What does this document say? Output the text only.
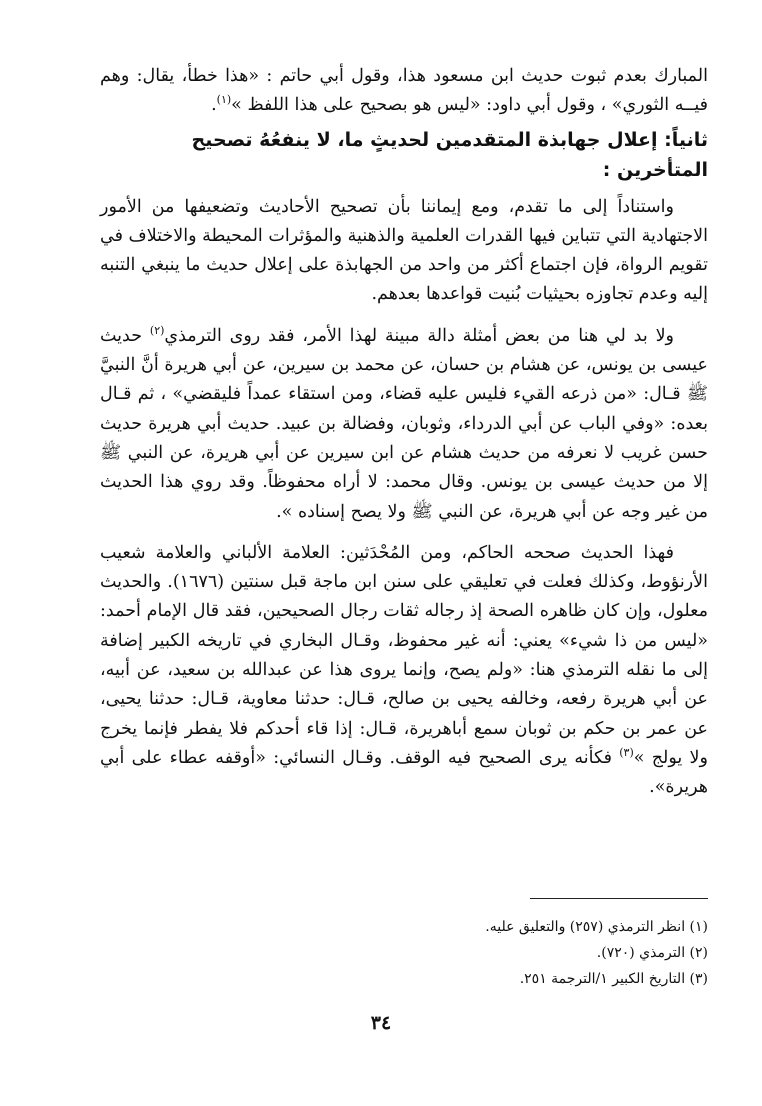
المبارك بعدم ثبوت حديث ابن مسعود هذا، وقول أبي حاتم : «هذا خطأ، يقال: وهم فيــه الثوري» ، وقول أبي داود: «ليس هو بصحيح على هذا اللفظ »$^{(١)}$.

ثانياً: إعلال جهابذة المتقدمين لحديثٍ ما، لا ينفعُهُ تصحيح المتأخرين :

واستناداً إلى ما تقدم، ومع إيماننا بأن تصحيح الأحاديث وتضعيفها من الأمور الاجتهادية التي تتباين فيها القدرات العلمية والذهنية والمؤثرات المحيطة والاختلاف في تقويم الرواة، فإن اجتماع أكثر من واحد من الجهابذة على إعلال حديث ما ينبغي التنبه إليه وعدم تجاوزه بحيثيات بُنيت قواعدها بعدهم.

ولا بد لي هنا من بعض أمثلة دالة مبينة لهذا الأمر، فقد روى الترمذي$^{(٢)}$ حديث عيسى بن يونس، عن هشام بن حسان، عن محمد بن سيرين، عن أبي هريرة أنَّ النبيَّ ﷺ قـال: «من ذرعه القيء فليس عليه قضاء، ومن استقاء عمداً فليقضي» ، ثم قـال بعده: «وفي الباب عن أبي الدرداء، وثوبان، وفضالة بن عبيد. حديث أبي هريرة حديث حسن غريب لا نعرفه من حديث هشام عن ابن سيرين عن أبي هريرة، عن النبي ﷺ إلا من حديث عيسى بن يونس. وقال محمد: لا أراه محفوظاً. وقد روي هذا الحديث من غير وجه عن أبي هريرة، عن النبي ﷺ ولا يصح إسناده ».

فهذا الحديث صححه الحاكم، ومن المُحْدَثين: العلامة الألباني والعلامة شعيب الأرنؤوط، وكذلك فعلت في تعليقي على سنن ابن ماجة قبل سنتين (١٦٧٦). والحديث معلول، وإن كان ظاهره الصحة إذ رجاله ثقات رجال الصحيحين، فقد قال الإمام أحمد: «ليس من ذا شيء» يعني: أنه غير محفوظ، وقـال البخاري في تاريخه الكبير إضافة إلى ما نقله الترمذي هنا: «ولم يصح، وإنما يروى هذا عن عبدالله بن سعيد، عن أبيه، عن أبي هريرة رفعه، وخالفه يحيى بن صالح، قـال: حدثنا معاوية، قـال: حدثنا يحيى، عن عمر بن حكم بن ثوبان سمع أباهريرة، قـال: إذا قاء أحدكم فلا يفطر فإنما يخرج ولا يولج »$^{(٣)}$ فكأنه يرى الصحيح فيه الوقف. وقـال النسائي: «أوقفه عطاء على أبي هريرة».

(١) انظر الترمذي (٢٥٧) والتعليق عليه.

(٢) الترمذي (٧٢٠).

(٣) التاريخ الكبير ١/الترجمة ٢٥١.

٣٤
